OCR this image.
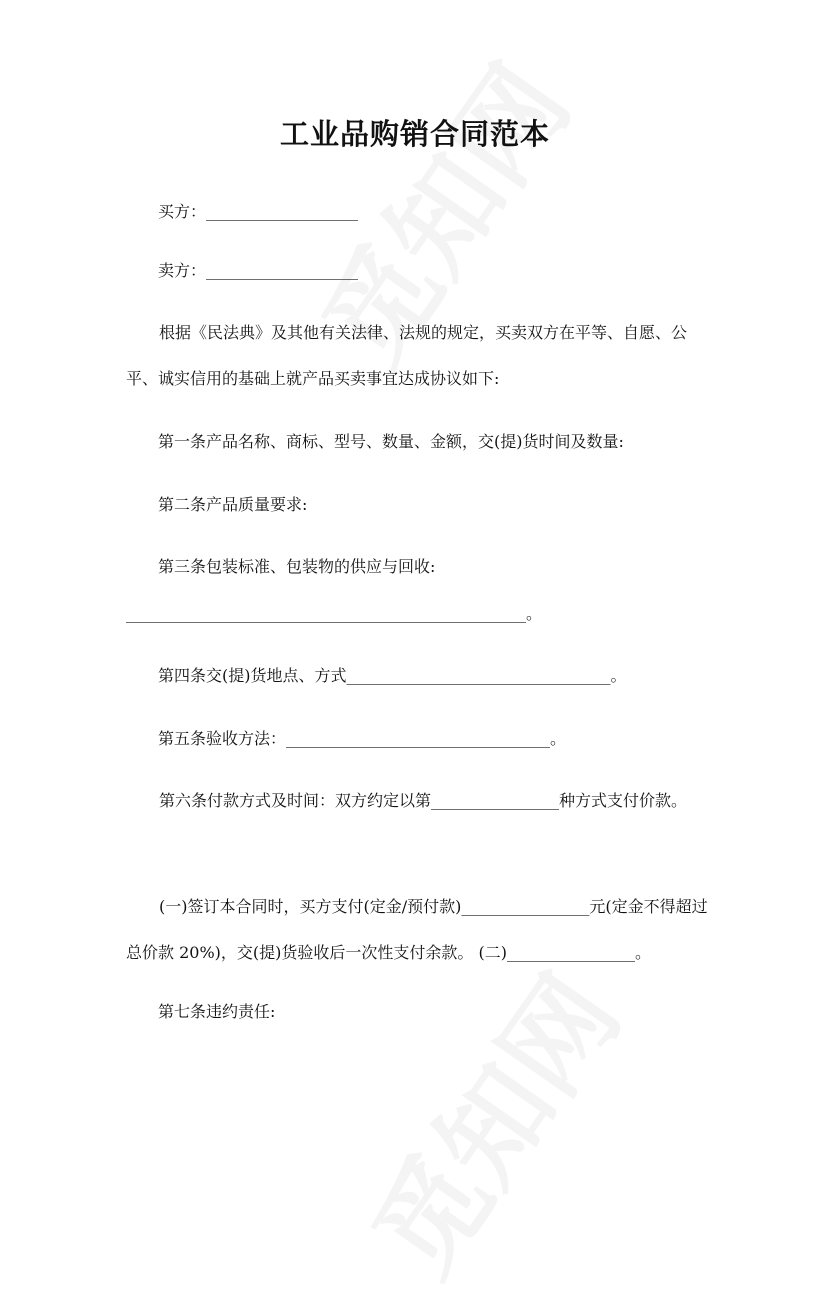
工业品购销合同范本
买方：___________________
卖方：___________________
根据《民法典》及其他有关法律、法规的规定，买卖双方在平等、自愿、公平、诚实信用的基础上就产品买卖事宜达成协议如下:
第一条产品名称、商标、型号、数量、金额，交(提)货时间及数量:
第二条产品质量要求:
第三条包装标准、包装物的供应与回收:
__________________________________________________。
第四条交(提)货地点、方式_________________________________。
第五条验收方法：_________________________________。
第六条付款方式及时间：双方约定以第________________种方式支付价款。
(一)签订本合同时，买方支付(定金/预付款)________________元(定金不得超过总价款 20%)，交(提)货验收后一次性支付余款。 (二)________________。
第七条违约责任:
